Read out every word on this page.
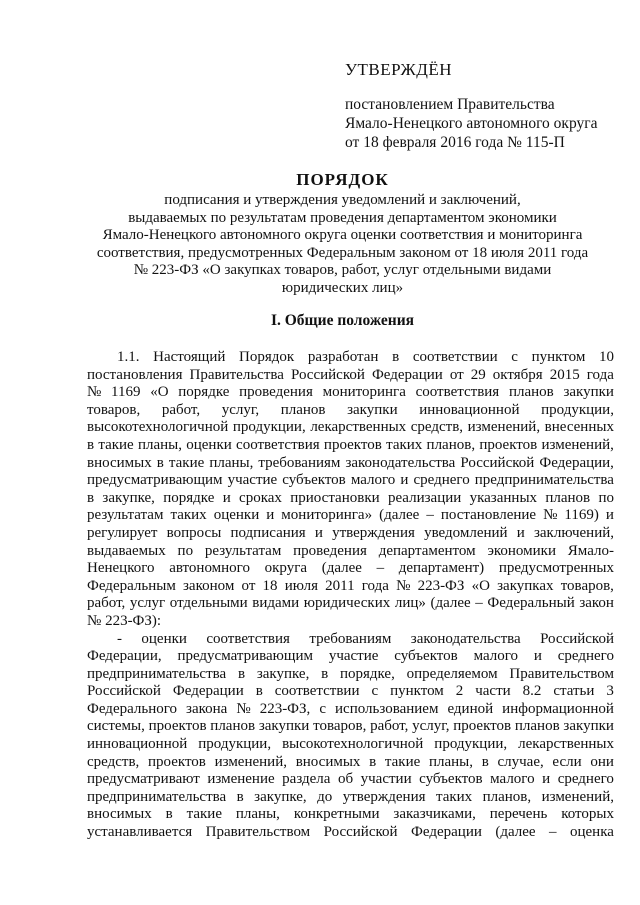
УТВЕРЖДЁН
постановлением Правительства
Ямало-Ненецкого автономного округа
от 18 февраля 2016 года № 115-П
ПОРЯДОК
подписания и утверждения уведомлений и заключений,
выдаваемых по результатам проведения департаментом экономики
Ямало-Ненецкого автономного округа оценки соответствия и мониторинга
соответствия, предусмотренных Федеральным законом от 18 июля 2011 года
№ 223-ФЗ «О закупках товаров, работ, услуг отдельными видами
юридических лиц»
I. Общие положения
1.1. Настоящий Порядок разработан в соответствии с пунктом 10
постановления Правительства Российской Федерации от 29 октября 2015 года
№ 1169 «О порядке проведения мониторинга соответствия планов закупки
товаров, работ, услуг, планов закупки инновационной продукции,
высокотехнологичной продукции, лекарственных средств, изменений, внесенных
в такие планы, оценки соответствия проектов таких планов, проектов изменений,
вносимых в такие планы, требованиям законодательства Российской Федерации,
предусматривающим участие субъектов малого и среднего предпринимательства
в закупке, порядке и сроках приостановки реализации указанных планов по
результатам таких оценки и мониторинга» (далее – постановление № 1169) и
регулирует вопросы подписания и утверждения уведомлений и заключений,
выдаваемых по результатам проведения департаментом экономики Ямало-
Ненецкого автономного округа (далее – департамент) предусмотренных
Федеральным законом от 18 июля 2011 года № 223-ФЗ «О закупках товаров,
работ, услуг отдельными видами юридических лиц» (далее – Федеральный закон
№ 223-ФЗ):
- оценки соответствия требованиям законодательства Российской
Федерации, предусматривающим участие субъектов малого и среднего
предпринимательства в закупке, в порядке, определяемом Правительством
Российской Федерации в соответствии с пунктом 2 части 8.2 статьи 3
Федерального закона № 223-ФЗ, с использованием единой информационной
системы, проектов планов закупки товаров, работ, услуг, проектов планов закупки
инновационной продукции, высокотехнологичной продукции, лекарственных
средств, проектов изменений, вносимых в такие планы, в случае, если они
предусматривают изменение раздела об участии субъектов малого и среднего
предпринимательства в закупке, до утверждения таких планов, изменений,
вносимых в такие планы, конкретными заказчиками, перечень которых
устанавливается Правительством Российской Федерации (далее – оценка
